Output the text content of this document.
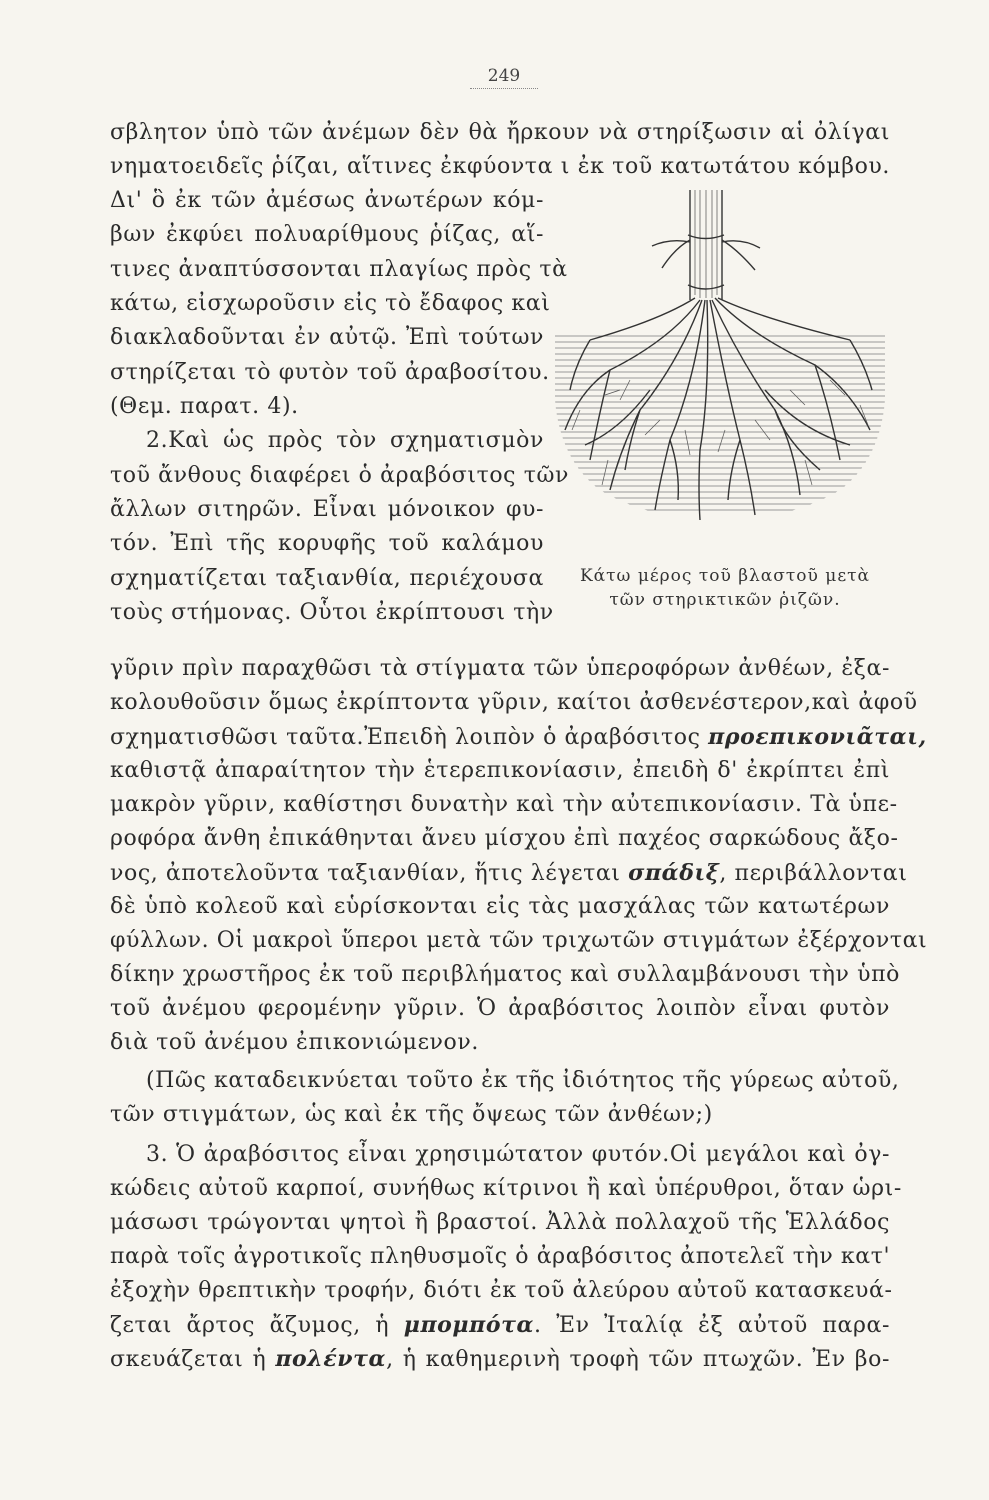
249
σβλητον ὑπὸ τῶν ἀνέμων δὲν θὰ ἤρκουν νὰ στηρίξωσιν αἱ ὀλίγαι
νηματοειδεῖς ῥίζαι, αἵτινες ἐκφύοντα ι ἐκ τοῦ κατωτάτου κόμβου.
Δι' ὃ ἐκ τῶν ἀμέσως ἀνωτέρων κόμ-
βων ἐκφύει πολυαρίθμους ῥίζας, αἵ-
τινες ἀναπτύσσονται πλαγίως πρὸς τὰ
κάτω, εἰσχωροῦσιν εἰς τὸ ἔδαφος καὶ
διακλαδοῦνται ἐν αὐτῷ. Ἐπὶ τούτων
στηρίζεται τὸ φυτὸν τοῦ ἀραβοσίτου.
(Θεμ. παρατ. 4).
2.Καὶ ὡς πρὸς τὸν σχηματισμὸν
τοῦ ἄνθους διαφέρει ὁ ἀραβόσιτος τῶν
ἄλλων σιτηρῶν. Εἶναι μόνοικον φυ-
τόν. Ἐπὶ τῆς κορυφῆς τοῦ καλάμου
σχηματίζεται ταξιανθία, περιέχουσα
τοὺς στήμονας. Οὗτοι ἐκρίπτουσι τὴν
Κάτω μέρος τοῦ βλαστοῦ μετὰ
τῶν στηρικτικῶν ῥιζῶν.
γῦριν πρὶν παραχθῶσι τὰ στίγματα τῶν ὑπεροφόρων ἀνθέων, ἐξα-
κολουθοῦσιν ὅμως ἐκρίπτοντα γῦριν, καίτοι ἀσθενέστερον,καὶ ἀφοῦ
σχηματισθῶσι ταῦτα.Ἐπειδὴ λοιπὸν ὁ ἀραβόσιτος προεπικονιᾶται,
καθιστᾷ ἀπαραίτητον τὴν ἑτερεπικονίασιν, ἐπειδὴ δ' ἐκρίπτει ἐπὶ
μακρὸν γῦριν, καθίστησι δυνατὴν καὶ τὴν αὐτεπικονίασιν. Τὰ ὑπε-
ροφόρα ἄνθη ἐπικάθηνται ἄνευ μίσχου ἐπὶ παχέος σαρκώδους ἄξο-
νος, ἀποτελοῦντα ταξιανθίαν, ἥτις λέγεται σπάδιξ, περιβάλλονται
δὲ ὑπὸ κολεοῦ καὶ εὑρίσκονται εἰς τὰς μασχάλας τῶν κατωτέρων
φύλλων. Οἱ μακροὶ ὕπεροι μετὰ τῶν τριχωτῶν στιγμάτων ἐξέρχονται
δίκην χρωστῆρος ἐκ τοῦ περιβλήματος καὶ συλλαμβάνουσι τὴν ὑπὸ
τοῦ ἀνέμου φερομένην γῦριν. Ὁ ἀραβόσιτος λοιπὸν εἶναι φυτὸν
διὰ τοῦ ἀνέμου ἐπικονιώμενον.
(Πῶς καταδεικνύεται τοῦτο ἐκ τῆς ἰδιότητος τῆς γύρεως αὐτοῦ,
τῶν στιγμάτων, ὡς καὶ ἐκ τῆς ὄψεως τῶν ἀνθέων;)
3. Ὁ ἀραβόσιτος εἶναι χρησιμώτατον φυτόν.Οἱ μεγάλοι καὶ ὀγ-
κώδεις αὐτοῦ καρποί, συνήθως κίτρινοι ἢ καὶ ὑπέρυθροι, ὅταν ὡρι-
μάσωσι τρώγονται ψητοὶ ἢ βραστοί. Ἀλλὰ πολλαχοῦ τῆς Ἑλλάδος
παρὰ τοῖς ἀγροτικοῖς πληθυσμοῖς ὁ ἀραβόσιτος ἀποτελεῖ τὴν κατ'
ἐξοχὴν θρεπτικὴν τροφήν, διότι ἐκ τοῦ ἀλεύρου αὐτοῦ κατασκευά-
ζεται ἄρτος ἄζυμος, ἡ μπομπότα. Ἐν Ἰταλίᾳ ἐξ αὐτοῦ παρα-
σκευάζεται ἡ πολέντα, ἡ καθημερινὴ τροφὴ τῶν πτωχῶν. Ἐν βο-
